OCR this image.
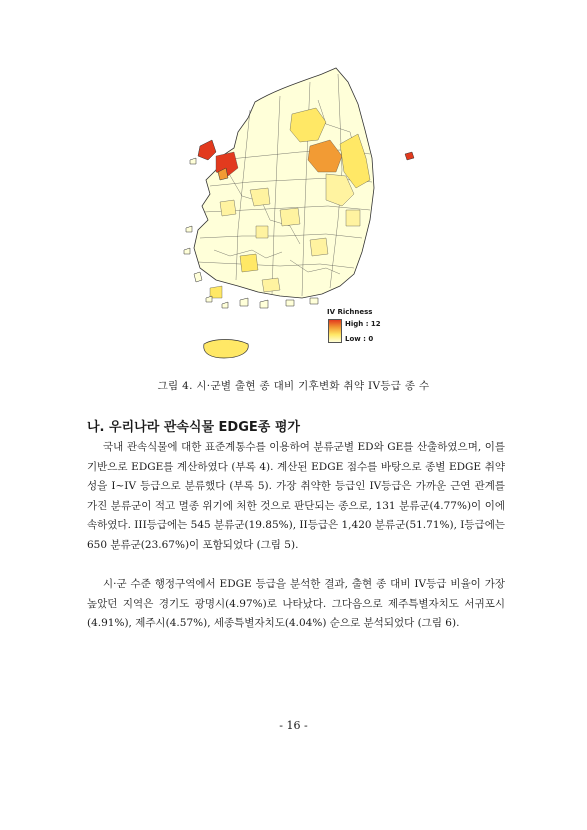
IV Richness
High : 12
Low : 0
그림 4. 시·군별 출현 종 대비 기후변화 취약 IV등급 종 수
나. 우리나라 관속식물 EDGE종 평가

국내 관속식물에 대한 표준계통수를 이용하여 분류군별 ED와 GE를 산출하였으며, 이를 기반으로 EDGE를 계산하였다 (부록 4). 계산된 EDGE 점수를 바탕으로 종별 EDGE 취약성을 I~IV 등급으로 분류했다 (부록 5). 가장 취약한 등급인 IV등급은 가까운 근연 관계를 가진 분류군이 적고 멸종 위기에 처한 것으로 판단되는 종으로, 131 분류군(4.77%)이 이에 속하였다. III등급에는 545 분류군(19.85%), II등급은 1,420 분류군(51.71%), I등급에는 650 분류군(23.67%)이 포함되었다 (그림 5).

시·군 수준 행정구역에서 EDGE 등급을 분석한 결과, 출현 종 대비 IV등급 비율이 가장 높았던 지역은 경기도 광명시(4.97%)로 나타났다. 그다음으로 제주특별자치도 서귀포시(4.91%), 제주시(4.57%), 세종특별자치도(4.04%) 순으로 분석되었다 (그림 6).

- 16 -
